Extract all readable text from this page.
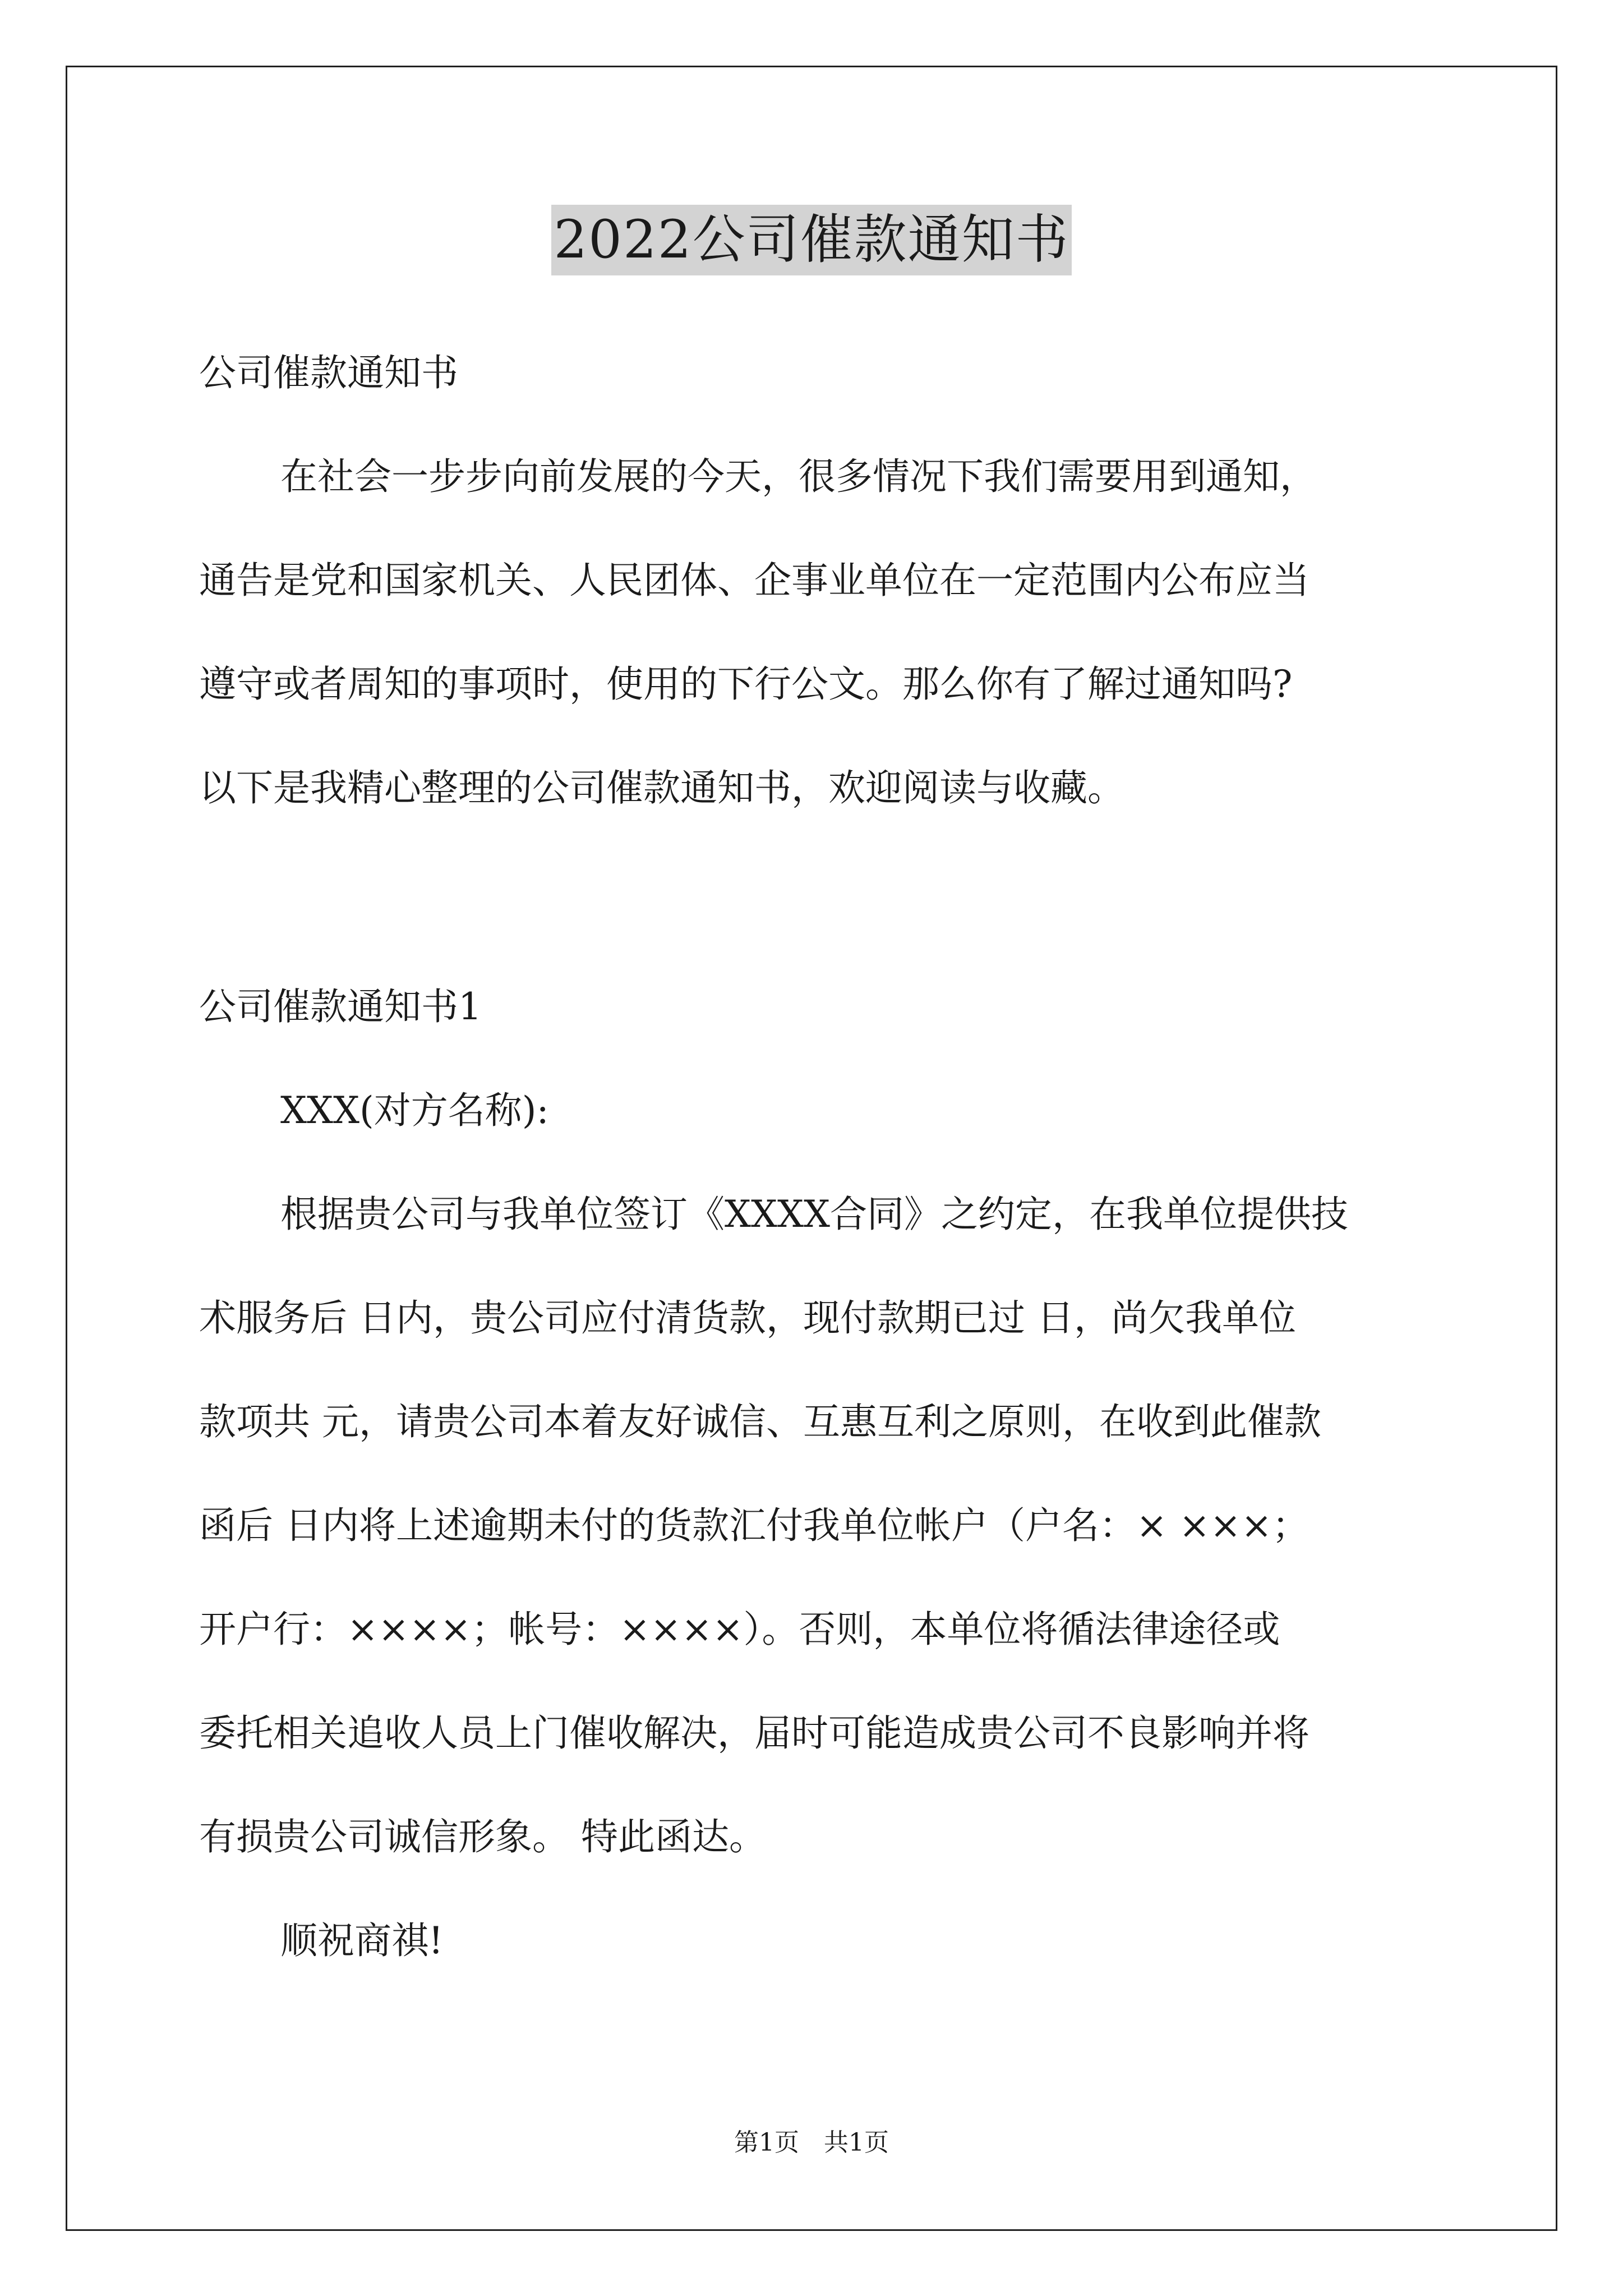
2022公司催款通知书
公司催款通知书
在社会一步步向前发展的今天，很多情况下我们需要用到通知，
通告是党和国家机关、人民团体、企事业单位在一定范围内公布应当
遵守或者周知的事项时，使用的下行公文。那么你有了解过通知吗?
以下是我精心整理的公司催款通知书，欢迎阅读与收藏。
公司催款通知书1
XXX(对方名称):
根据贵公司与我单位签订《XXXX合同》之约定，在我单位提供技
术服务后 日内，贵公司应付清货款，现付款期已过 日，尚欠我单位
款项共 元，请贵公司本着友好诚信、互惠互利之原则，在收到此催款
函后 日内将上述逾期未付的货款汇付我单位帐户（户名：× ×××；
开户行：××××；帐号：××××）。否则，本单位将循法律途径或
委托相关追收人员上门催收解决，届时可能造成贵公司不良影响并将
有损贵公司诚信形象。 特此函达。
顺祝商祺!
第1页　共1页
